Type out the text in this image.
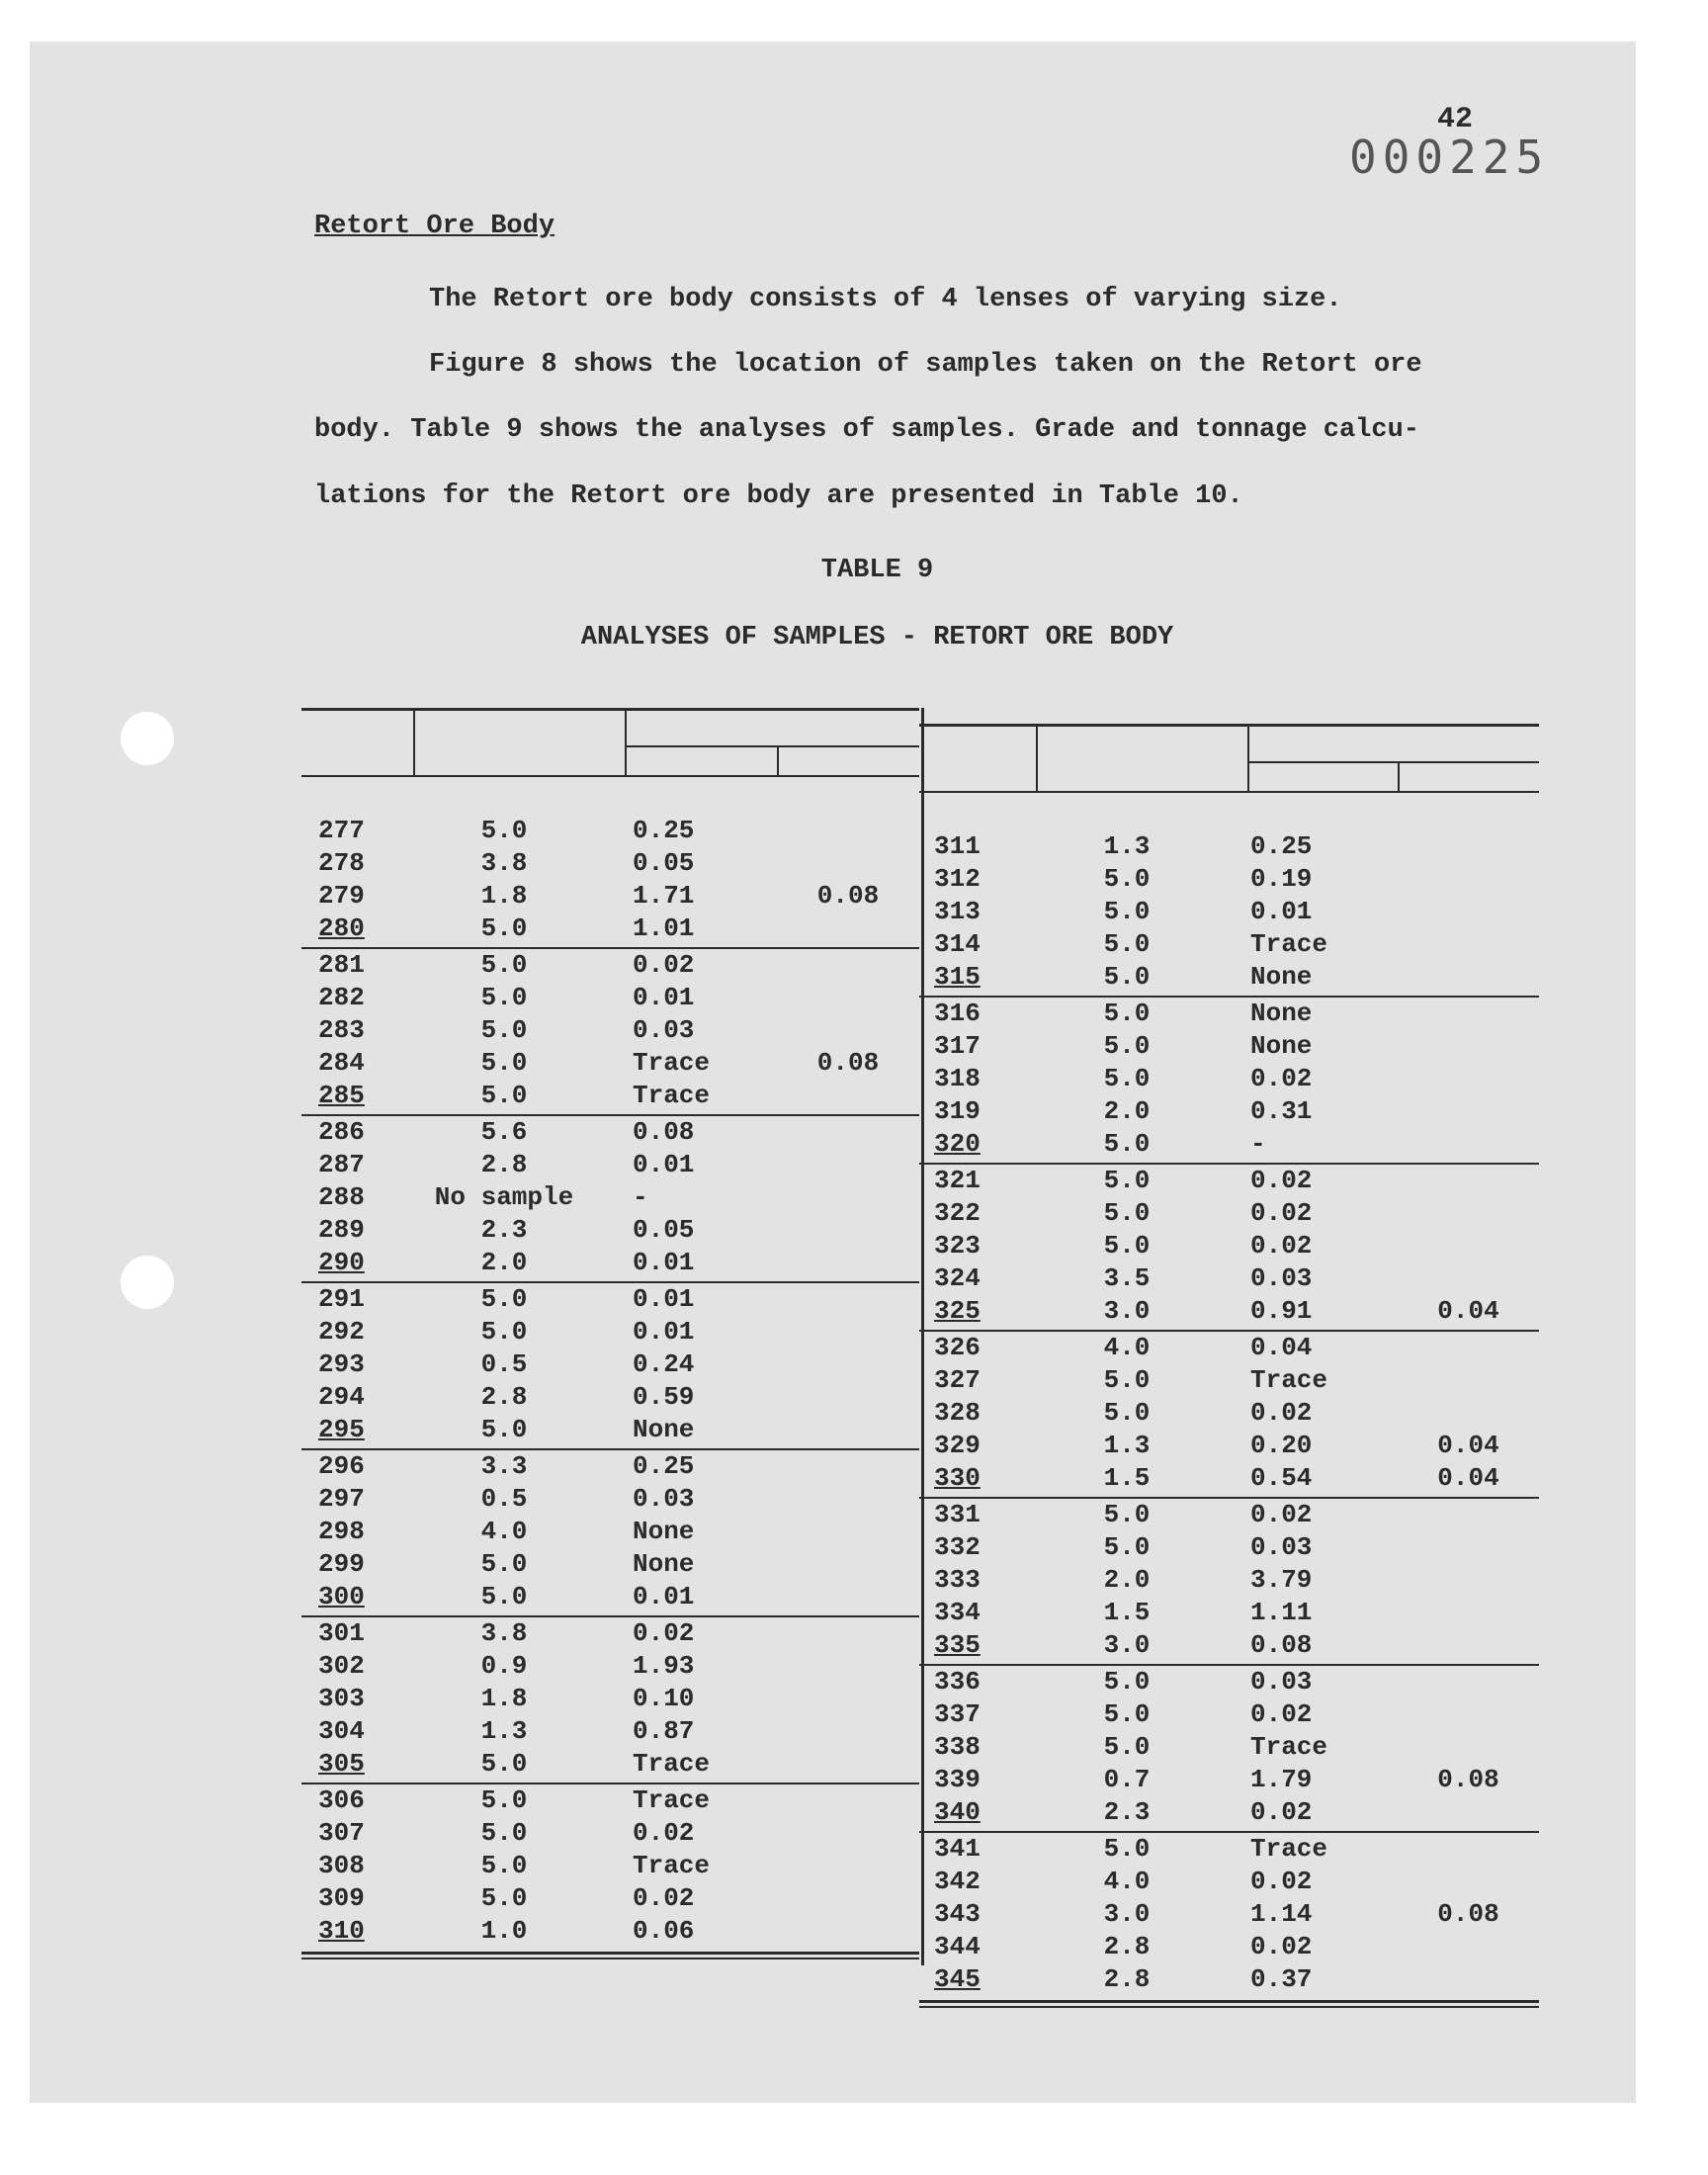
42
000225
Retort Ore Body
The Retort ore body consists of 4 lenses of varying size.
Figure 8 shows the location of samples taken on the Retort ore
body. Table 9 shows the analyses of samples. Grade and tonnage calcu-
lations for the Retort ore body are presented in Table 10.
TABLE 9
ANALYSES OF SAMPLES - RETORT ORE BODY
277	5.0	0.25
278	3.8	0.05
279	1.8	1.71	0.08
280	5.0	1.01
281	5.0	0.02
282	5.0	0.01
283	5.0	0.03
284	5.0	Trace	0.08
285	5.0	Trace
286	5.6	0.08
287	2.8	0.01
288	No sample	-
289	2.3	0.05
290	2.0	0.01
291	5.0	0.01
292	5.0	0.01
293	0.5	0.24
294	2.8	0.59
295	5.0	None
296	3.3	0.25
297	0.5	0.03
298	4.0	None
299	5.0	None
300	5.0	0.01
301	3.8	0.02
302	0.9	1.93
303	1.8	0.10
304	1.3	0.87
305	5.0	Trace
306	5.0	Trace
307	5.0	0.02
308	5.0	Trace
309	5.0	0.02
310	1.0	0.06
311	1.3	0.25
312	5.0	0.19
313	5.0	0.01
314	5.0	Trace
315	5.0	None
316	5.0	None
317	5.0	None
318	5.0	0.02
319	2.0	0.31
320	5.0	-
321	5.0	0.02
322	5.0	0.02
323	5.0	0.02
324	3.5	0.03
325	3.0	0.91	0.04
326	4.0	0.04
327	5.0	Trace
328	5.0	0.02
329	1.3	0.20	0.04
330	1.5	0.54	0.04
331	5.0	0.02
332	5.0	0.03
333	2.0	3.79
334	1.5	1.11
335	3.0	0.08
336	5.0	0.03
337	5.0	0.02
338	5.0	Trace
339	0.7	1.79	0.08
340	2.3	0.02
341	5.0	Trace
342	4.0	0.02
343	3.0	1.14	0.08
344	2.8	0.02
345	2.8	0.37
